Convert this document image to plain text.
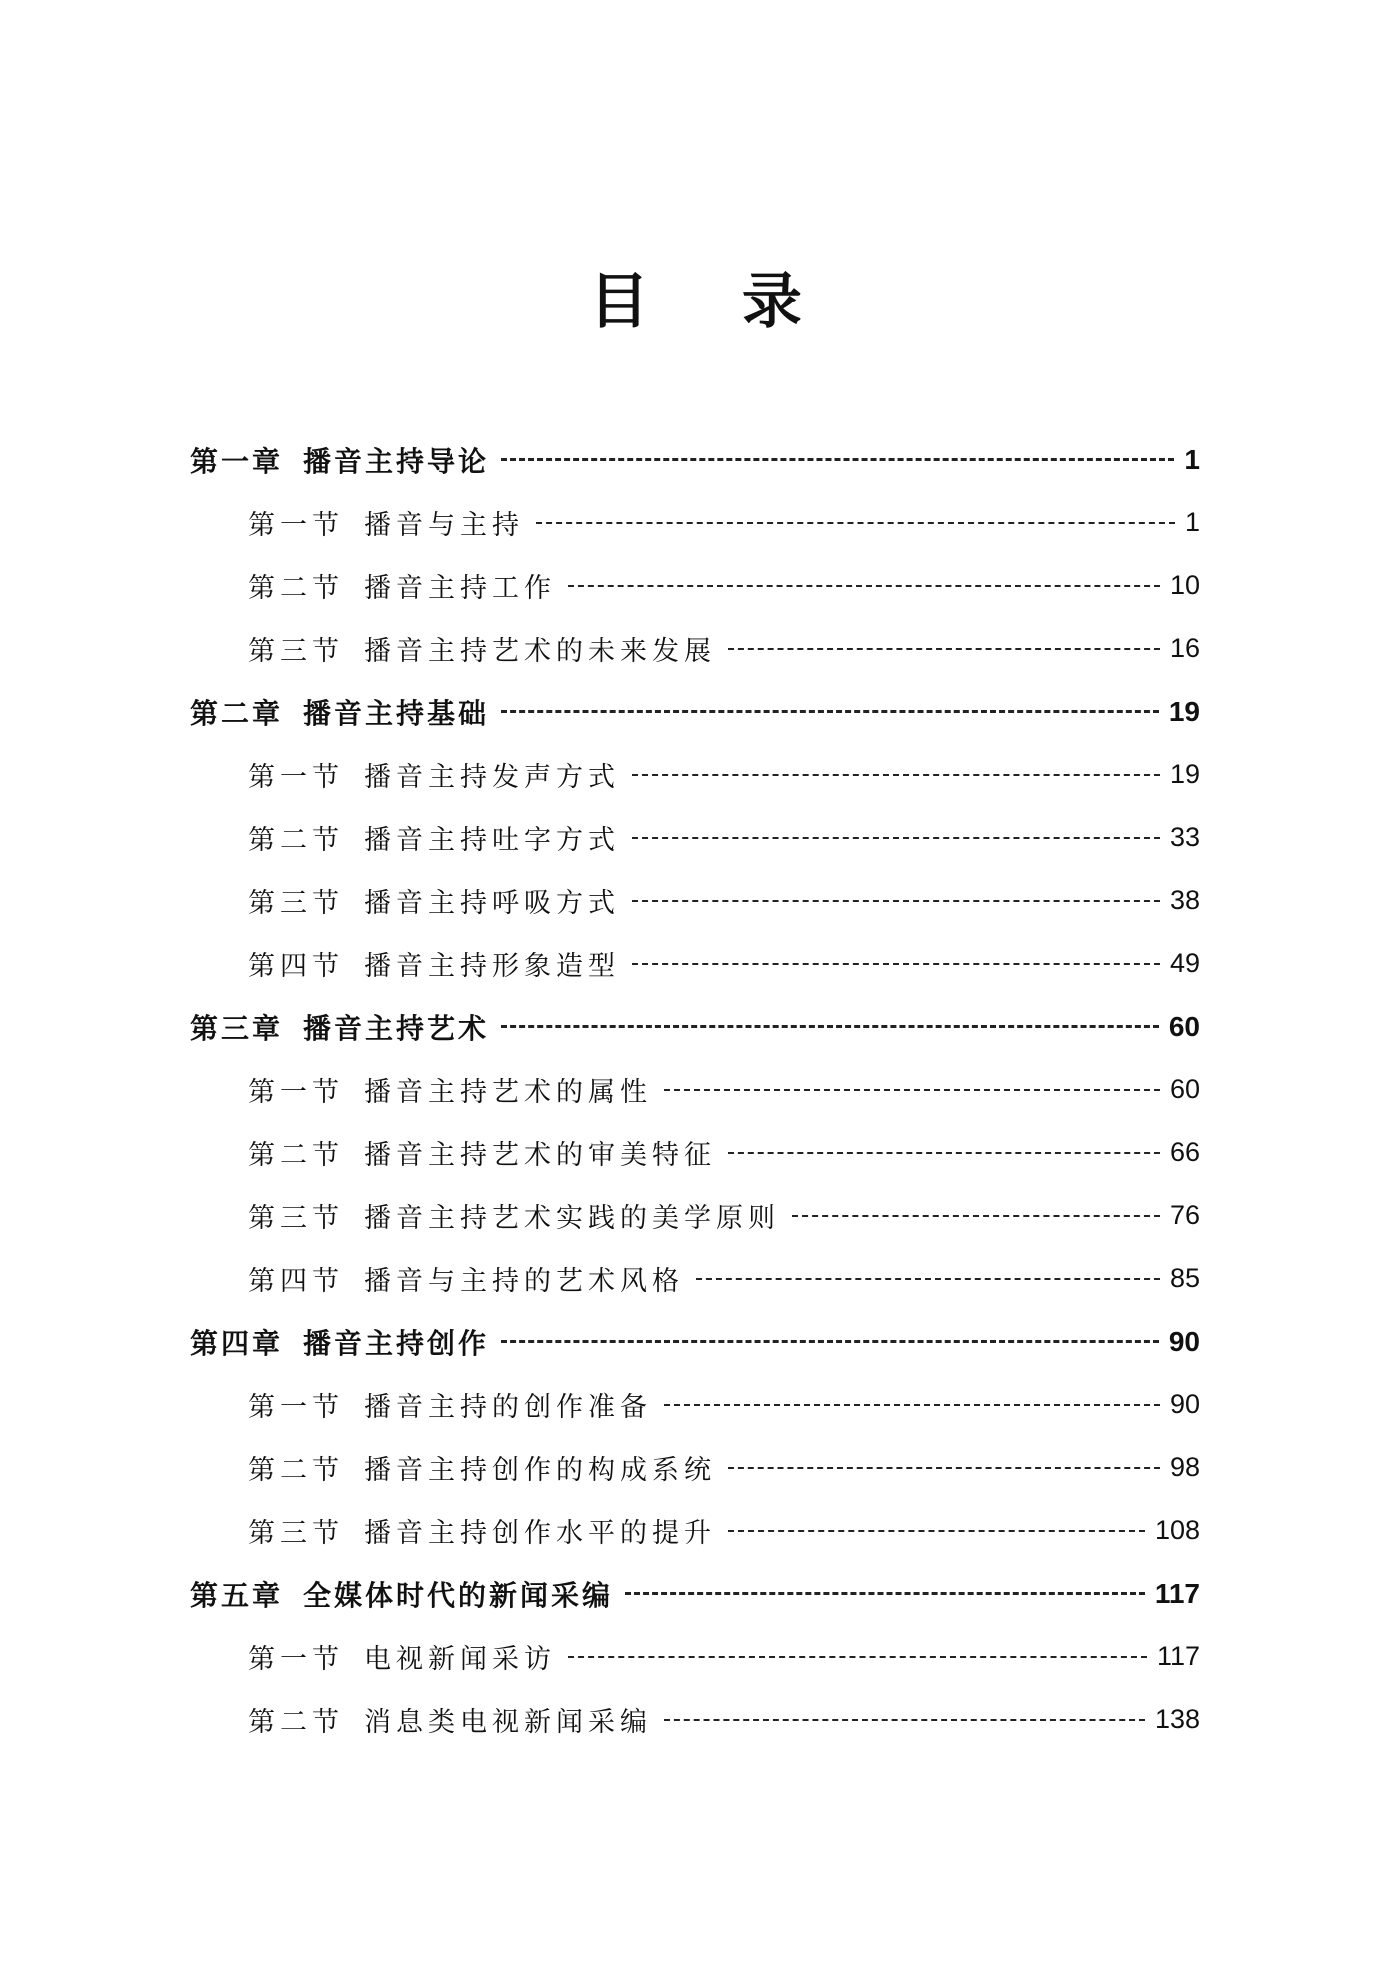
目 录
第一章 播音主持导论	1
第一节 播音与主持	1
第二节 播音主持工作	10
第三节 播音主持艺术的未来发展	16
第二章 播音主持基础	19
第一节 播音主持发声方式	19
第二节 播音主持吐字方式	33
第三节 播音主持呼吸方式	38
第四节 播音主持形象造型	49
第三章 播音主持艺术	60
第一节 播音主持艺术的属性	60
第二节 播音主持艺术的审美特征	66
第三节 播音主持艺术实践的美学原则	76
第四节 播音与主持的艺术风格	85
第四章 播音主持创作	90
第一节 播音主持的创作准备	90
第二节 播音主持创作的构成系统	98
第三节 播音主持创作水平的提升	108
第五章 全媒体时代的新闻采编	117
第一节 电视新闻采访	117
第二节 消息类电视新闻采编	138
